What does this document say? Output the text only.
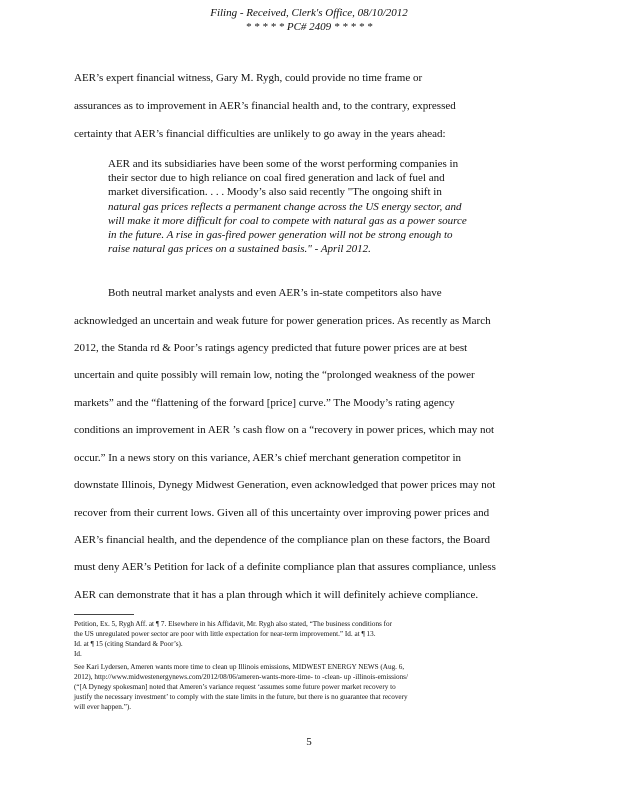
Filing - Received, Clerk's Office, 08/10/2012
* * * * * PC# 2409 * * * * *
AER’s expert financial witness, Gary M. Rygh, could provide no time frame or
assurances as to improvement in AER’s financial health and, to the contrary, expressed
certainty that AER’s financial difficulties are unlikely to go away in the years ahead:
AER and its subsidiaries have been some of the worst performing companies in
their sector due to high reliance on coal fired generation and lack of fuel and
market diversification. . . . Moody’s also said recently "The ongoing shift in
natural gas prices reflects a permanent change across the US energy sector, and
will make it more difficult for coal to compete with natural gas as a power source
in the future. A rise in gas-fired power generation will not be strong enough to
raise natural gas prices on a sustained basis." - April 2012.
Both neutral market analysts and even AER’s in-state competitors also have
acknowledged an uncertain and weak future for power generation prices. As recently as March
2012, the Standa rd & Poor’s ratings agency predicted that future power prices are at best
uncertain and quite possibly will remain low, noting the “prolonged weakness of the power
markets” and the “flattening of the forward [price] curve.” The Moody’s rating agency
conditions an improvement in AER ’s cash flow on a “recovery in power prices, which may not
occur.” In a news story on this variance, AER’s chief merchant generation competitor in
downstate Illinois, Dynegy Midwest Generation, even acknowledged that power prices may not
recover from their current lows. Given all of this uncertainty over improving power prices and
AER’s financial health, and the dependence of the compliance plan on these factors, the Board
must deny AER’s Petition for lack of a definite compliance plan that assures compliance, unless
AER can demonstrate that it has a plan through which it will definitely achieve compliance.
Petition, Ex. 5, Rygh Aff. at ¶ 7. Elsewhere in his Affidavit, Mr. Rygh also stated, “The business conditions for
the US unregulated power sector are poor with little expectation for near-term improvement.” Id. at ¶ 13.
Id. at ¶ 15 (citing Standard & Poor’s).
Id.
See Kari Lydersen, Ameren wants more time to clean up Illinois emissions, MIDWEST ENERGY NEWS (Aug. 6,
2012), http://www.midwestenergynews.com/2012/08/06/ameren-wants-more-time- to -clean- up -illinois-emissions/
(“[A Dynegy spokesman] noted that Ameren’s variance request ‘assumes some future power market recovery to
justify the necessary investment’ to comply with the state limits in the future, but there is no guarantee that recovery
will ever happen.”).
5
